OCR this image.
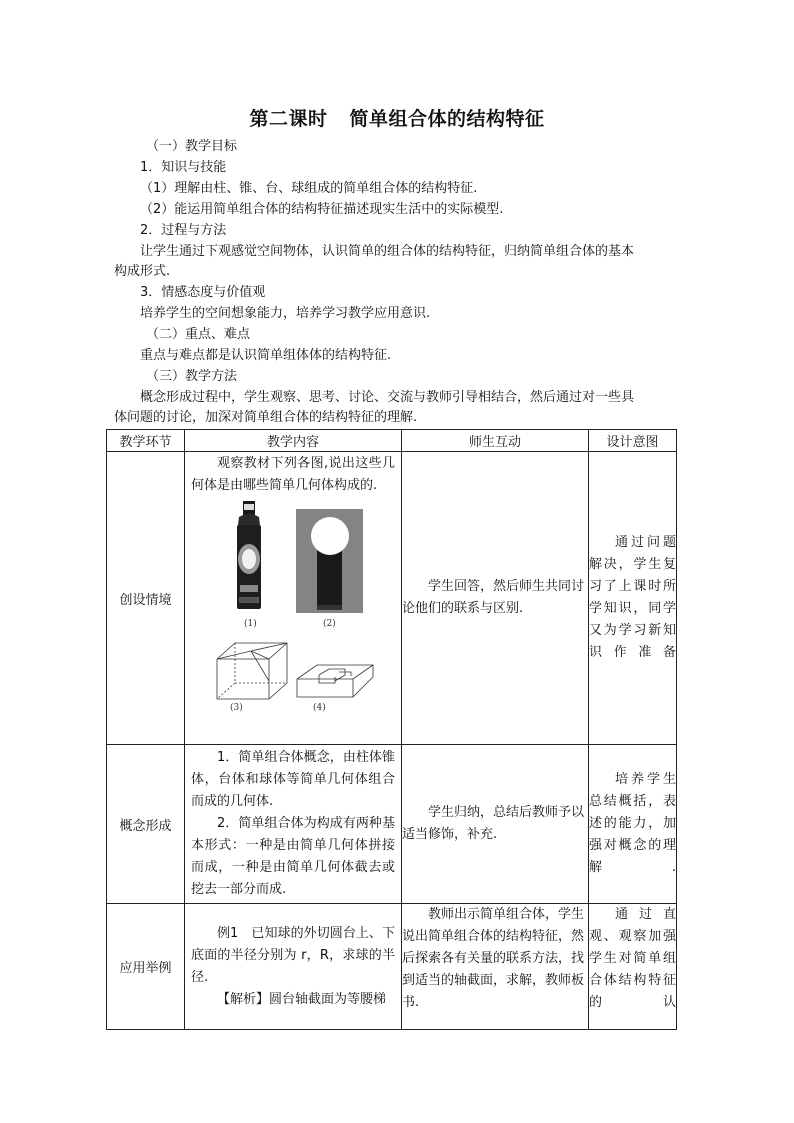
第二课时 简单组合体的结构特征
（一）教学目标
1．知识与技能
（1）理解由柱、锥、台、球组成的简单组合体的结构特征.
（2）能运用简单组合体的结构特征描述现实生活中的实际模型.
2．过程与方法
让学生通过下观感觉空间物体，认识简单的组合体的结构特征，归纳简单组合体的基本
构成形式.
3．情感态度与价值观
培养学生的空间想象能力，培养学习教学应用意识.
（二）重点、难点
重点与难点都是认识简单组体体的结构特征.
（三）教学方法
概念形成过程中，学生观察、思考、讨论、交流与教师引导相结合，然后通过对一些具
体问题的讨论，加深对简单组合体的结构特征的理解.
教学环节	教学内容	师生互动	设计意图
创设情境	观察教材下列各图,说出这些几何体是由哪些简单几何体构成的.

(1) (2)
(3) (4)	学生回答，然后师生共同讨论他们的联系与区别.	通过问题解决，学生复习了上课时所学知识，同学又为学习新知识作准备

概念形成	1．简单组合体概念，由柱体锥体，台体和球体等简单几何体组合而成的几何体.

2．简单组合体为构成有两种基本形式：一种是由简单几何体拼接而成，一种是由简单几何体截去或挖去一部分而成.	学生归纳，总结后教师予以适当修饰，补充.	培养学生总结概括，表述的能力，加强对概念的理解.

应用举例	例1　已知球的外切圆台上、下底面的半径分别为 r，R，求球的半径.

【解析】圆台轴截面为等腰梯	教师出示简单组合体，学生说出简单组合体的结构特征，然后探索各有关量的联系方法，找到适当的轴截面，求解，教师板书.	通过直观、观察加强学生对简单组合体结构特征的认
